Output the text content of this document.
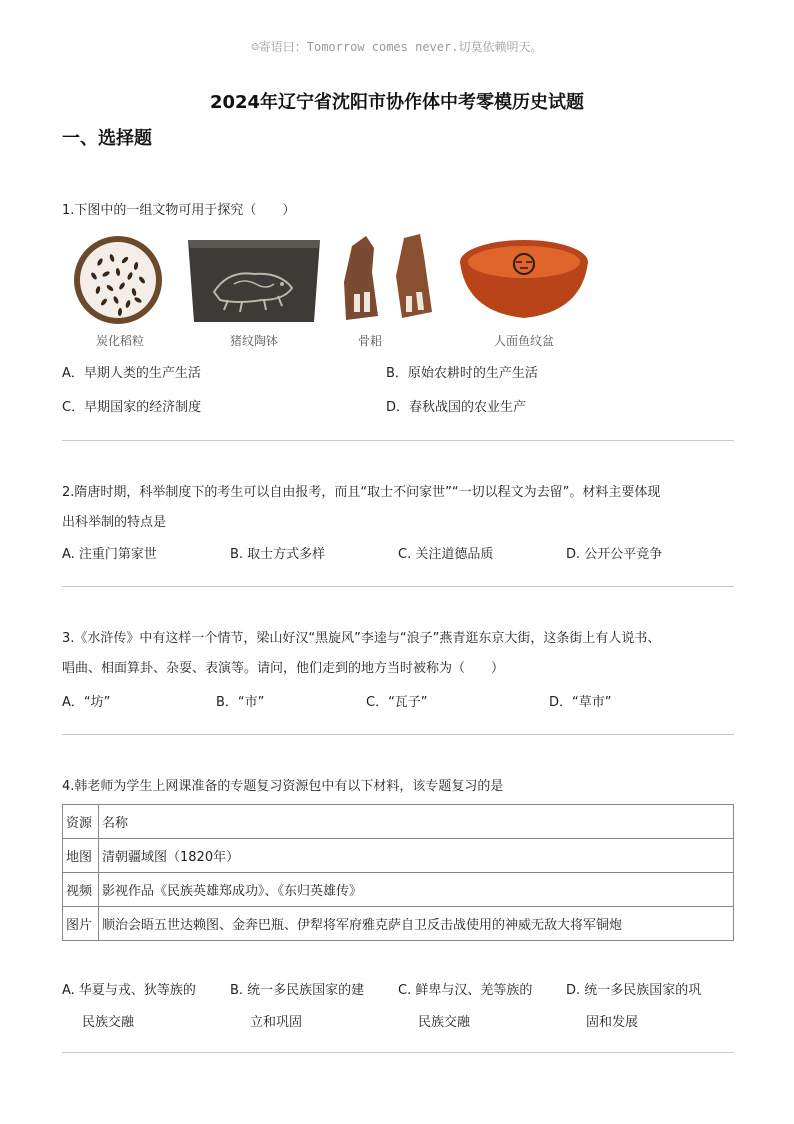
☺寄语曰：Tomorrow comes never.切莫依赖明天。
2024年辽宁省沈阳市协作体中考零模历史试题
一、选择题
1.下图中的一组文物可用于探究（　　）
炭化稻粒	猪纹陶钵	骨耜	人面鱼纹盆
A．早期人类的生产生活	B．原始农耕时的生产生活
C．早期国家的经济制度	D．春秋战国的农业生产
2.隋唐时期，科举制度下的考生可以自由报考，而且“取士不问家世”“一切以程文为去留”。材料主要体现
出科举制的特点是
A. 注重门第家世	B. 取士方式多样	C. 关注道德品质	D. 公开公平竞争
3.《水浒传》中有这样一个情节，梁山好汉“黑旋风”李逵与“浪子”燕青逛东京大街，这条街上有人说书、
唱曲、相面算卦、杂耍、表演等。请问，他们走到的地方当时被称为（　　）
A．“坊”	B．“市”	C．“瓦子”	D．“草市”
4.韩老师为学生上网课准备的专题复习资源包中有以下材料，该专题复习的是
资源	名称
地图	清朝疆域图（1820年）
视频	影视作品《民族英雄郑成功》、《东归英雄传》
图片	顺治会晤五世达赖图、金奔巴瓶、伊犁将军府雅克萨自卫反击战使用的神威无敌大将军铜炮
A. 华夏与戎、狄等族的
民族交融
B. 统一多民族国家的建
立和巩固
C. 鲜卑与汉、羌等族的
民族交融
D. 统一多民族国家的巩
固和发展
